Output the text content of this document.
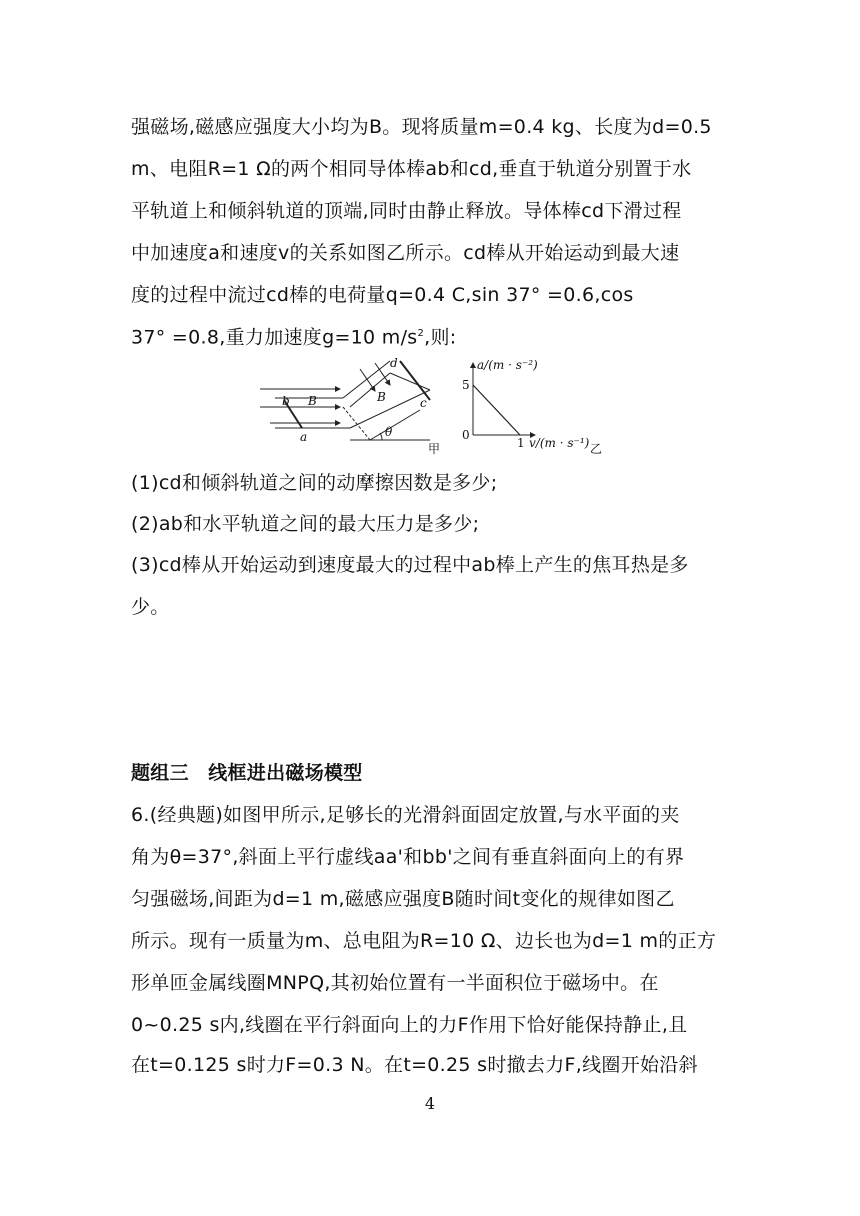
强磁场,磁感应强度大小均为B。现将质量m=0.4 kg、长度为d=0.5
m、电阻R=1 Ω的两个相同导体棒ab和cd,垂直于轨道分别置于水
平轨道上和倾斜轨道的顶端,同时由静止释放。导体棒cd下滑过程
中加速度a和速度v的关系如图乙所示。cd棒从开始运动到最大速
度的过程中流过cd棒的电荷量q=0.4 C,sin 37° =0.6,cos
37° =0.8,重力加速度g=10 $m/s^2$,则:
b B
a
d
B	c
θ
甲
a/(m · s⁻²)
5
0
1 v/(m · s⁻¹) 乙
(1)cd和倾斜轨道之间的动摩擦因数是多少;
(2)ab和水平轨道之间的最大压力是多少;
(3)cd棒从开始运动到速度最大的过程中ab棒上产生的焦耳热是多
少。
题组三　线框进出磁场模型
6.(经典题)如图甲所示,足够长的光滑斜面固定放置,与水平面的夹
角为θ=37°,斜面上平行虚线aa'和bb'之间有垂直斜面向上的有界
匀强磁场,间距为d=1 m,磁感应强度B随时间t变化的规律如图乙
所示。现有一质量为m、总电阻为R=10 Ω、边长也为d=1 m的正方
形单匝金属线圈MNPQ,其初始位置有一半面积位于磁场中。在
0~0.25 s内,线圈在平行斜面向上的力F作用下恰好能保持静止,且
在t=0.125 s时力F=0.3 N。在t=0.25 s时撤去力F,线圈开始沿斜
4
